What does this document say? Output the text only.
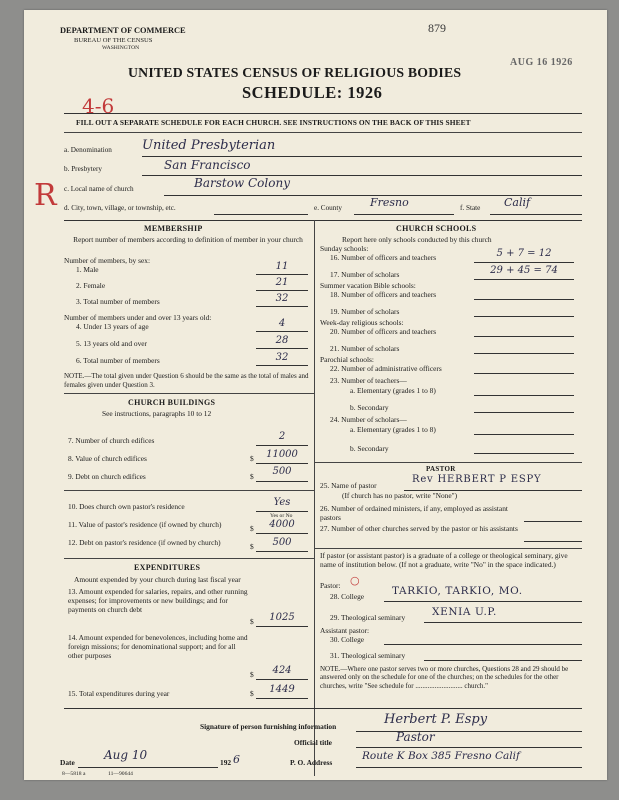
DEPARTMENT OF COMMERCE
BUREAU OF THE CENSUS
WASHINGTON
879
AUG 16 1926
UNITED STATES CENSUS OF RELIGIOUS BODIES
SCHEDULE: 1926
4-6
FILL OUT A SEPARATE SCHEDULE FOR EACH CHURCH. SEE INSTRUCTIONS ON THE BACK OF THIS SHEET
a. Denomination United Presbyterian
b. Presbytery	San Francisco
R c. Local name of church	Barstow Colony
d. City, town, village, or township, etc.	e. County	Fresno	f. State Calif
MEMBERSHIP
Report number of members according to definition of member in your church
Number of members, by sex:
1. Male	11
2. Female	21
3. Total number of members	32
Number of members under and over 13 years old:
4. Under 13 years of age	4
5. 13 years old and over	28
6. Total number of members	32
NOTE.—The total given under Question 6 should be the same as the total of males and females given under Question 3.
CHURCH BUILDINGS
See instructions, paragraphs 10 to 12
7. Number of church edifices	2
8. Value of church edifices	$	11000
9. Debt on church edifices	$	500
10. Does church own pastor's residence	Yes
Yes or No
11. Value of pastor's residence (if owned by church)	$	4000
12. Debt on pastor's residence (if owned by church)	$	500
EXPENDITURES
Amount expended by your church during last fiscal year
13. Amount expended for salaries, repairs, and other running expenses; for improvements or new buildings; and for payments on church debt
$	1025
14. Amount expended for benevolences, including home and foreign missions; for denominational support; and for all other purposes
$	424
15. Total expenditures during year	$	1449
CHURCH SCHOOLS
Report here only schools conducted by this church
Sunday schools:
16. Number of officers and teachers	5 + 7 = 12
17. Number of scholars	29 + 45 = 74
Summer vacation Bible schools:
18. Number of officers and teachers
19. Number of scholars
Week-day religious schools:
20. Number of officers and teachers
21. Number of scholars
Parochial schools:
22. Number of administrative officers
23. Number of teachers—
a. Elementary (grades 1 to 8)
b. Secondary
24. Number of scholars—
a. Elementary (grades 1 to 8)
b. Secondary
PASTOR
25. Name of pastor
Rev HERBERT P ESPY
(If church has no pastor, write "None")
26. Number of ordained ministers, if any, employed as assistant pastors
27. Number of other churches served by the pastor or his assistants
If pastor (or assistant pastor) is a graduate of a college or theological seminary, give name of institution below. (If not a graduate, write "No" in the space indicated.)
Pastor: ○
28. College	TARKIO, TARKIO, MO.
29. Theological seminary	XENIA U.P.
Assistant pastor:
30. College
31. Theological seminary
NOTE.—Where one pastor serves two or more churches, Questions 28 and 29 should be answered only on the schedule for one of the churches; on the schedules for the other churches, write "See schedule for ........................... church."
Signature of person furnishing information	Herbert P. Espy
Official title	Pastor
Date
Aug 10
192 6	P. O. Address
Route K Box 385 Fresno Calif
8—5818 a	11—90644
